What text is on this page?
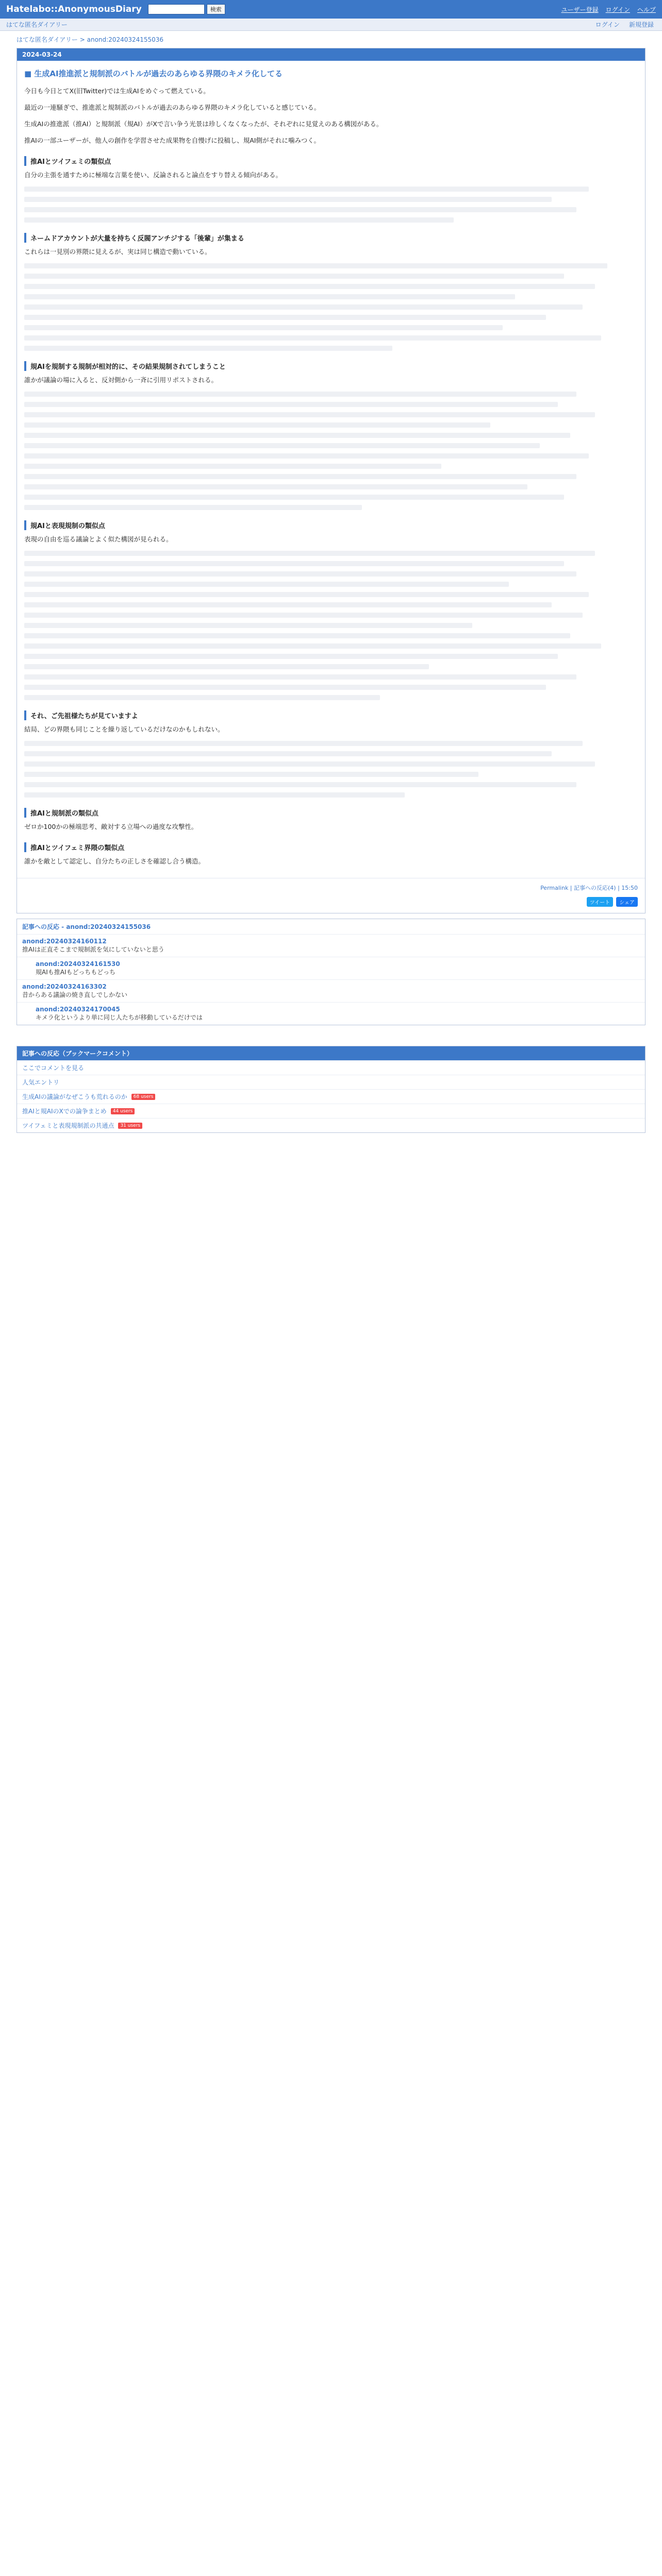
Hatelabo::AnonymousDiary	検索	ユーザー登録 ログイン ヘルプ
はてな匿名ダイアリー	ログイン 新規登録
はてな匿名ダイアリー > anond:20240324155036
2024-03-24
■ 生成AI推進派と規制派のバトルが過去のあらゆる界隈のキメラ化してる

今日も今日とてX(旧Twitter)では生成AIをめぐって燃えている。

最近の一連騒ぎで、推進派と規制派のバトルが過去のあらゆる界隈のキメラ化していると感じている。

生成AIの推進派（推AI）と規制派（規AI）がXで言い争う光景は珍しくなくなったが、それぞれに見覚えのある構図がある。

推AIの一部ユーザーが、他人の創作を学習させた成果物を自慢げに投稿し、規AI側がそれに噛みつく。

推AIとツイフェミの類似点

自分の主張を通すために極端な言葉を使い、反論されると論点をすり替える傾向がある。

ネームドアカウントが大量を持ちく反閥アンチジする「後輩」が集まる

これらは一見別の界隈に見えるが、実は同じ構造で動いている。

規AIを規制する規制が相対的に、その結果規制されてしまうこと

誰かが議論の場に入ると、反対側から一斉に引用リポストされる。

規AIと表現規制の類似点

表現の自由を巡る議論とよく似た構図が見られる。

それ、ご先祖様たちが見ていますよ

結局、どの界隈も同じことを繰り返しているだけなのかもしれない。

推AIと規制派の類似点

ゼロか100かの極端思考、敵対する立場への過度な攻撃性。

推AIとツイフェミ界隈の類似点

誰かを敵として認定し、自分たちの正しさを確認し合う構造。

Permalink | 記事への反応(4) | 15:50
ツイート	シェア
記事への反応 - anond:20240324155036
anond:20240324160112
推AIは正直そこまで規制派を気にしていないと思う
anond:20240324161530
規AIも推AIもどっちもどっち
anond:20240324163302
昔からある議論の焼き直しでしかない
anond:20240324170045
キメラ化というより単に同じ人たちが移動しているだけでは
記事への反応（ブックマークコメント）
ここでコメントを見る
人気エントリ
生成AIの議論がなぜこうも荒れるのか	68 users
推AIと規AIのXでの論争まとめ	44 users
ツイフェミと表現規制派の共通点	31 users
